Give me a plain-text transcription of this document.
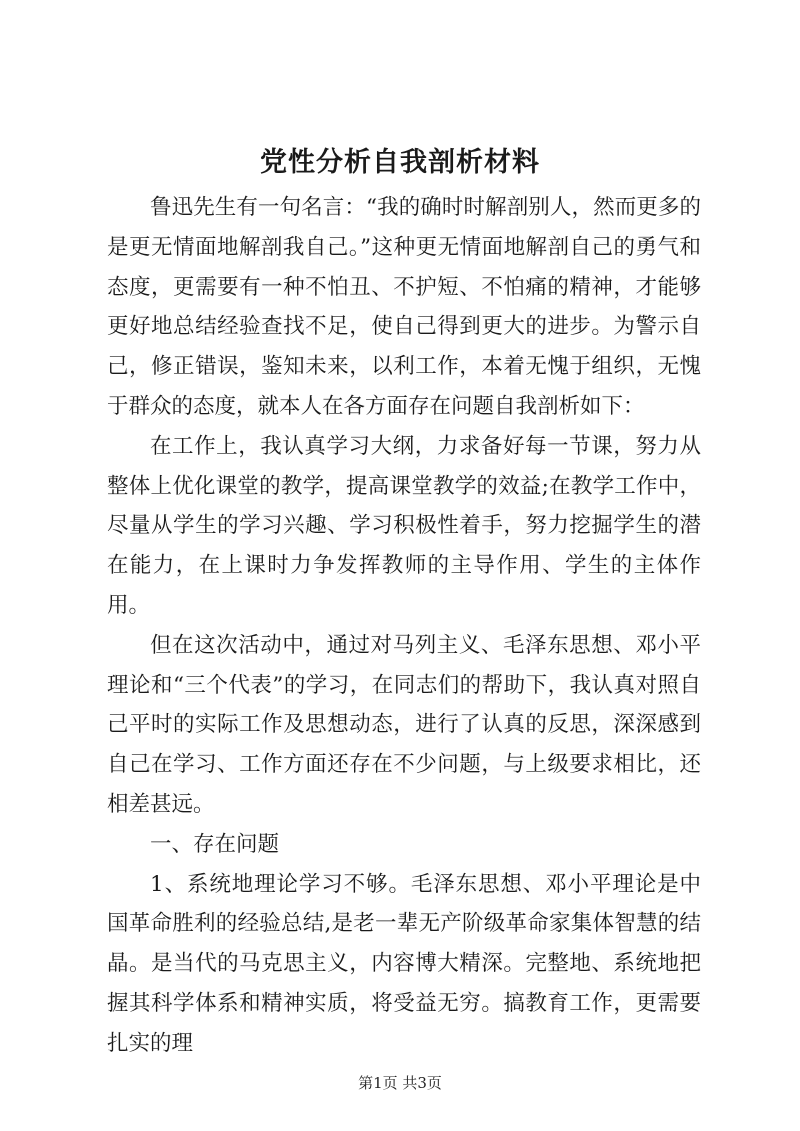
党性分析自我剖析材料

鲁迅先生有一句名言：“我的确时时解剖别人，然而更多的是更无情面地解剖我自己。”这种更无情面地解剖自己的勇气和态度，更需要有一种不怕丑、不护短、不怕痛的精神，才能够更好地总结经验查找不足，使自己得到更大的进步。为警示自己，修正错误，鉴知未来，以利工作，本着无愧于组织，无愧于群众的态度，就本人在各方面存在问题自我剖析如下：

在工作上，我认真学习大纲，力求备好每一节课，努力从整体上优化课堂的教学，提高课堂教学的效益;在教学工作中，尽量从学生的学习兴趣、学习积极性着手，努力挖掘学生的潜在能力，在上课时力争发挥教师的主导作用、学生的主体作用。

但在这次活动中，通过对马列主义、毛泽东思想、邓小平理论和“三个代表”的学习，在同志们的帮助下，我认真对照自己平时的实际工作及思想动态，进行了认真的反思，深深感到自己在学习、工作方面还存在不少问题，与上级要求相比，还相差甚远。

一、存在问题

1、系统地理论学习不够。毛泽东思想、邓小平理论是中国革命胜利的经验总结,是老一辈无产阶级革命家集体智慧的结晶。是当代的马克思主义，内容博大精深。完整地、系统地把握其科学体系和精神实质，将受益无穷。搞教育工作，更需要扎实的理

第1页 共3页
